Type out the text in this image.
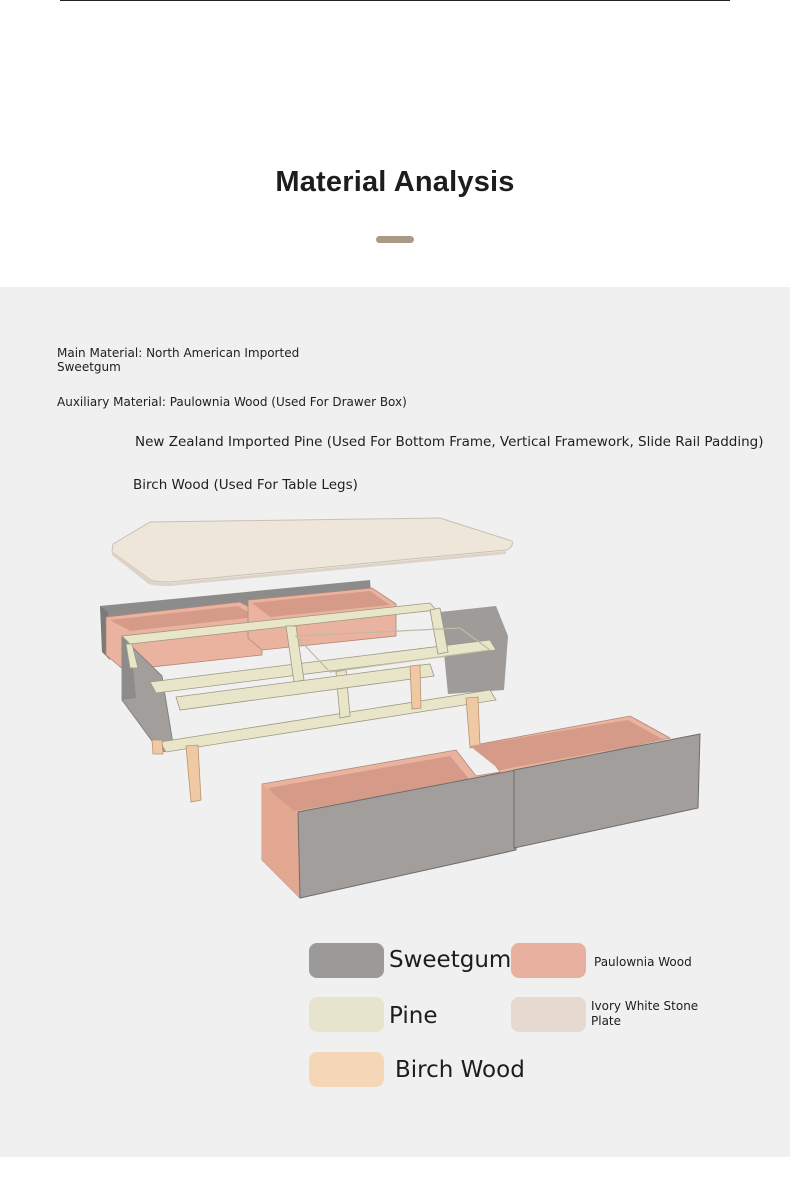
Material Analysis
Main Material: North American Imported Sweetgum
Auxiliary Material: Paulownia Wood (Used For Drawer Box)
New Zealand Imported Pine (Used For Bottom Frame, Vertical Framework, Slide Rail Padding)
Birch Wood (Used For Table Legs)
Sweetgum	Paulownia Wood
Pine	Ivory White Stone Plate
Birch Wood
